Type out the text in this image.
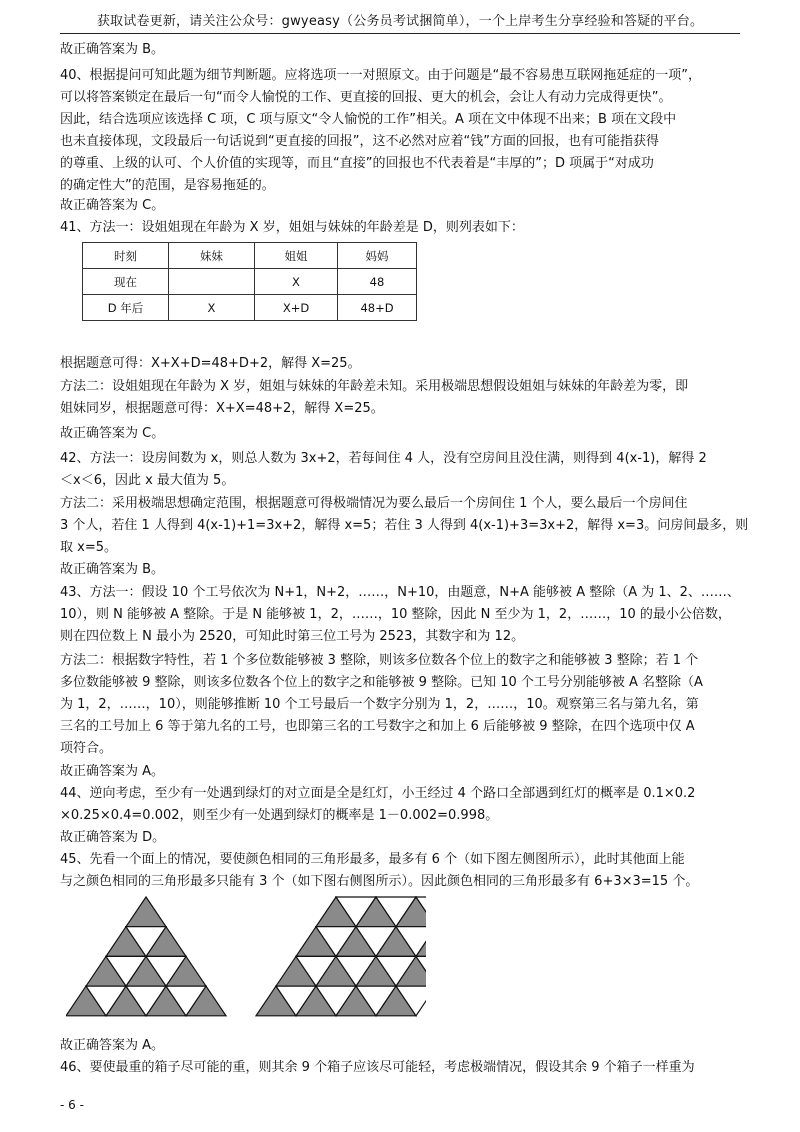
获取试卷更新，请关注公众号：gwyeasy（公务员考试捆简单），一个上岸考生分享经验和答疑的平台。
故正确答案为 B。
40、根据提问可知此题为细节判断题。应将选项一一对照原文。由于问题是“最不容易患互联网拖延症的一项”，
可以将答案锁定在最后一句“而令人愉悦的工作、更直接的回报、更大的机会，会让人有动力完成得更快”。
因此，结合选项应该选择 C 项，C 项与原文“令人愉悦的工作”相关。A 项在文中体现不出来；B 项在文段中
也未直接体现，文段最后一句话说到“更直接的回报”，这不必然对应着“钱”方面的回报，也有可能指获得
的尊重、上级的认可、个人价值的实现等，而且“直接”的回报也不代表着是“丰厚的”；D 项属于“对成功
的确定性大”的范围，是容易拖延的。
故正确答案为 C。
41、方法一：设姐姐现在年龄为 X 岁，姐姐与妹妹的年龄差是 D，则列表如下：
时刻	妹妹	姐姐	妈妈
现在		X	48
D 年后	X	X+D	48+D
根据题意可得：X+X+D=48+D+2，解得 X=25。
方法二：设姐姐现在年龄为 X 岁，姐姐与妹妹的年龄差未知。采用极端思想假设姐姐与妹妹的年龄差为零，即
姐妹同岁，根据题意可得：X+X=48+2，解得 X=25。
故正确答案为 C。
42、方法一：设房间数为 x，则总人数为 3x+2，若每间住 4 人，没有空房间且没住满，则得到 4(x-1)，解得 2
＜x＜6，因此 x 最大值为 5。
方法二：采用极端思想确定范围，根据题意可得极端情况为要么最后一个房间住 1 个人，要么最后一个房间住
3 个人，若住 1 人得到 4(x-1)+1=3x+2，解得 x=5；若住 3 人得到 4(x-1)+3=3x+2，解得 x=3。问房间最多，则
取 x=5。
故正确答案为 B。
43、方法一：假设 10 个工号依次为 N+1，N+2，……，N+10，由题意，N+A 能够被 A 整除（A 为 1、2、……、
10），则 N 能够被 A 整除。于是 N 能够被 1，2，……，10 整除，因此 N 至少为 1，2，……，10 的最小公倍数，
则在四位数上 N 最小为 2520，可知此时第三位工号为 2523，其数字和为 12。
方法二：根据数字特性，若 1 个多位数能够被 3 整除，则该多位数各个位上的数字之和能够被 3 整除；若 1 个
多位数能够被 9 整除，则该多位数各个位上的数字之和能够被 9 整除。已知 10 个工号分别能够被 A 名整除（A
为 1，2，……，10），则能够推断 10 个工号最后一个数字分别为 1，2，……，10。观察第三名与第九名，第
三名的工号加上 6 等于第九名的工号，也即第三名的工号数字之和加上 6 后能够被 9 整除，在四个选项中仅 A
项符合。
故正确答案为 A。
44、逆向考虑，至少有一处遇到绿灯的对立面是全是红灯，小王经过 4 个路口全部遇到红灯的概率是 0.1×0.2
×0.25×0.4=0.002，则至少有一处遇到绿灯的概率是 1－0.002=0.998。
故正确答案为 D。
45、先看一个面上的情况，要使颜色相同的三角形最多，最多有 6 个（如下图左侧图所示），此时其他面上能
与之颜色相同的三角形最多只能有 3 个（如下图右侧图所示）。因此颜色相同的三角形最多有 6+3×3=15 个。
故正确答案为 A。
46、要使最重的箱子尽可能的重，则其余 9 个箱子应该尽可能轻，考虑极端情况，假设其余 9 个箱子一样重为
- 6 -
